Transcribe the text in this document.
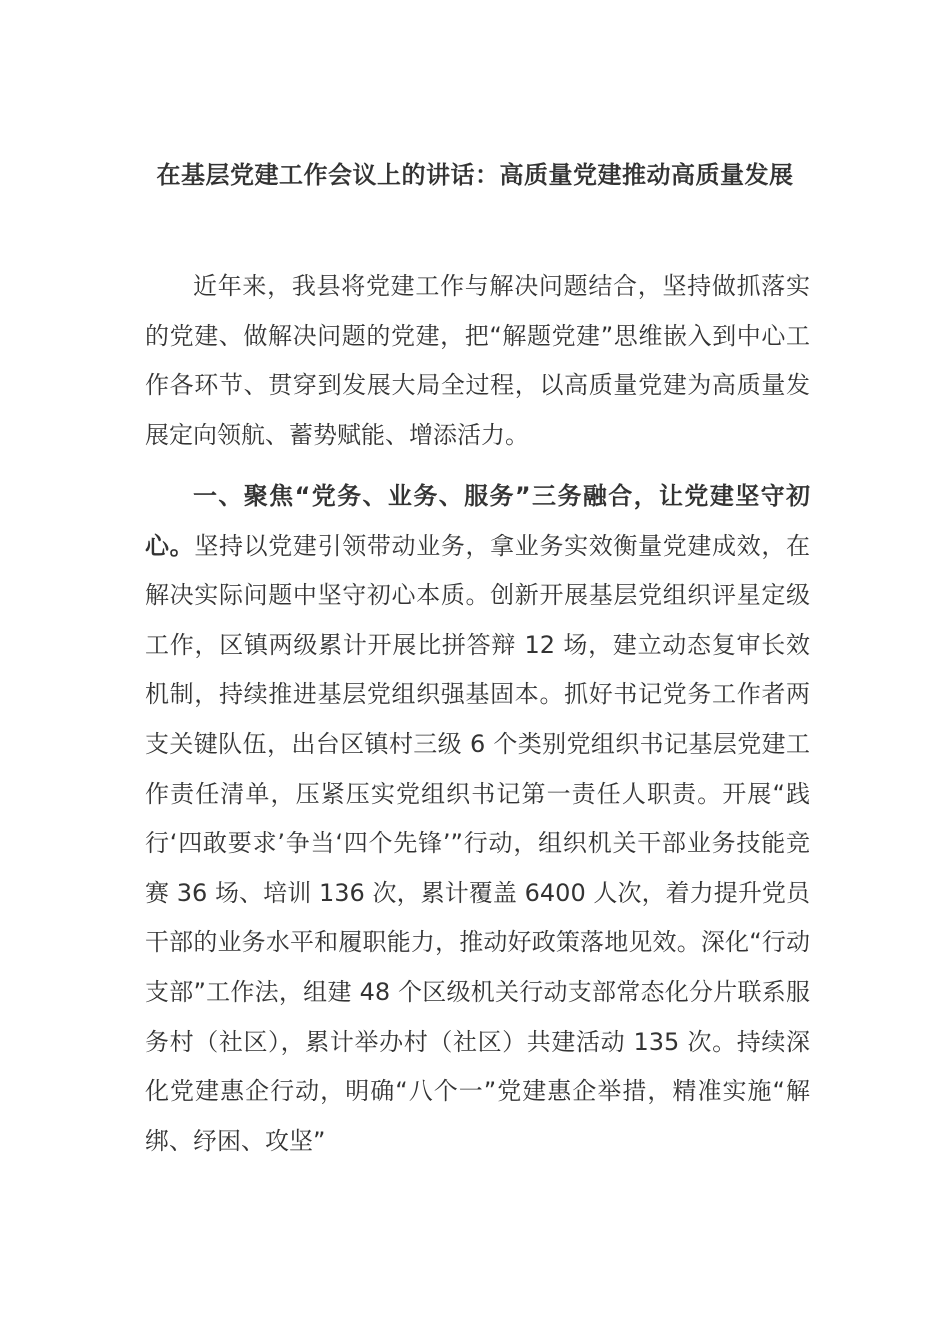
在基层党建工作会议上的讲话：高质量党建推动高质量发展

近年来，我县将党建工作与解决问题结合，坚持做抓落实的党建、做解决问题的党建，把“解题党建”思维嵌入到中心工作各环节、贯穿到发展大局全过程，以高质量党建为高质量发展定向领航、蓄势赋能、增添活力。

一、聚焦“党务、业务、服务”三务融合，让党建坚守初心。坚持以党建引领带动业务，拿业务实效衡量党建成效，在解决实际问题中坚守初心本质。创新开展基层党组织评星定级工作，区镇两级累计开展比拼答辩 12 场，建立动态复审长效机制，持续推进基层党组织强基固本。抓好书记党务工作者两支关键队伍，出台区镇村三级 6 个类别党组织书记基层党建工作责任清单，压紧压实党组织书记第一责任人职责。开展“践行‘四敢要求’争当‘四个先锋’”行动，组织机关干部业务技能竞赛 36 场、培训 136 次，累计覆盖 6400 人次，着力提升党员干部的业务水平和履职能力，推动好政策落地见效。深化“行动支部”工作法，组建 48 个区级机关行动支部常态化分片联系服务村（社区），累计举办村（社区）共建活动 135 次。持续深化党建惠企行动，明确“八个一”党建惠企举措，精准实施“解绑、纾困、攻坚”
